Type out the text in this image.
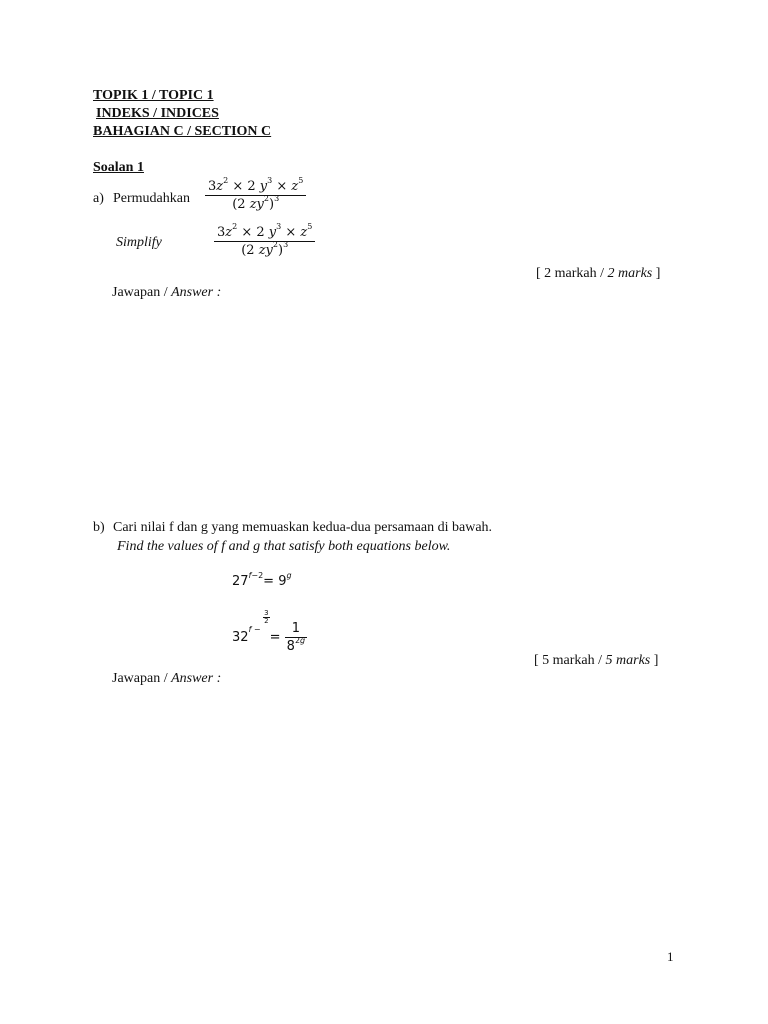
TOPIK 1 / TOPIC 1
INDEKS / INDICES
BAHAGIAN C / SECTION C
Soalan 1
a) Permudahkan $\frac{3z^2 \times 2 y^3 \times z^5}{(2 zy^2)^3}$
Simplify	$\frac{3z^2 \times 2 y^3 \times z^5}{(2 zy^2)^3}$
[ 2 markah / 2 marks ]
Jawapan / Answer :
b) Cari nilai f dan g yang memuaskan kedua-dua persamaan di bawah.
Find the values of f and g that satisfy both equations below.
$27^{f-2}= 9^g$
$32^{f - \frac{3}{2}}$
= $\frac{1}{8^{2g}}$
[ 5 markah / 5 marks ]
Jawapan / Answer :
1
